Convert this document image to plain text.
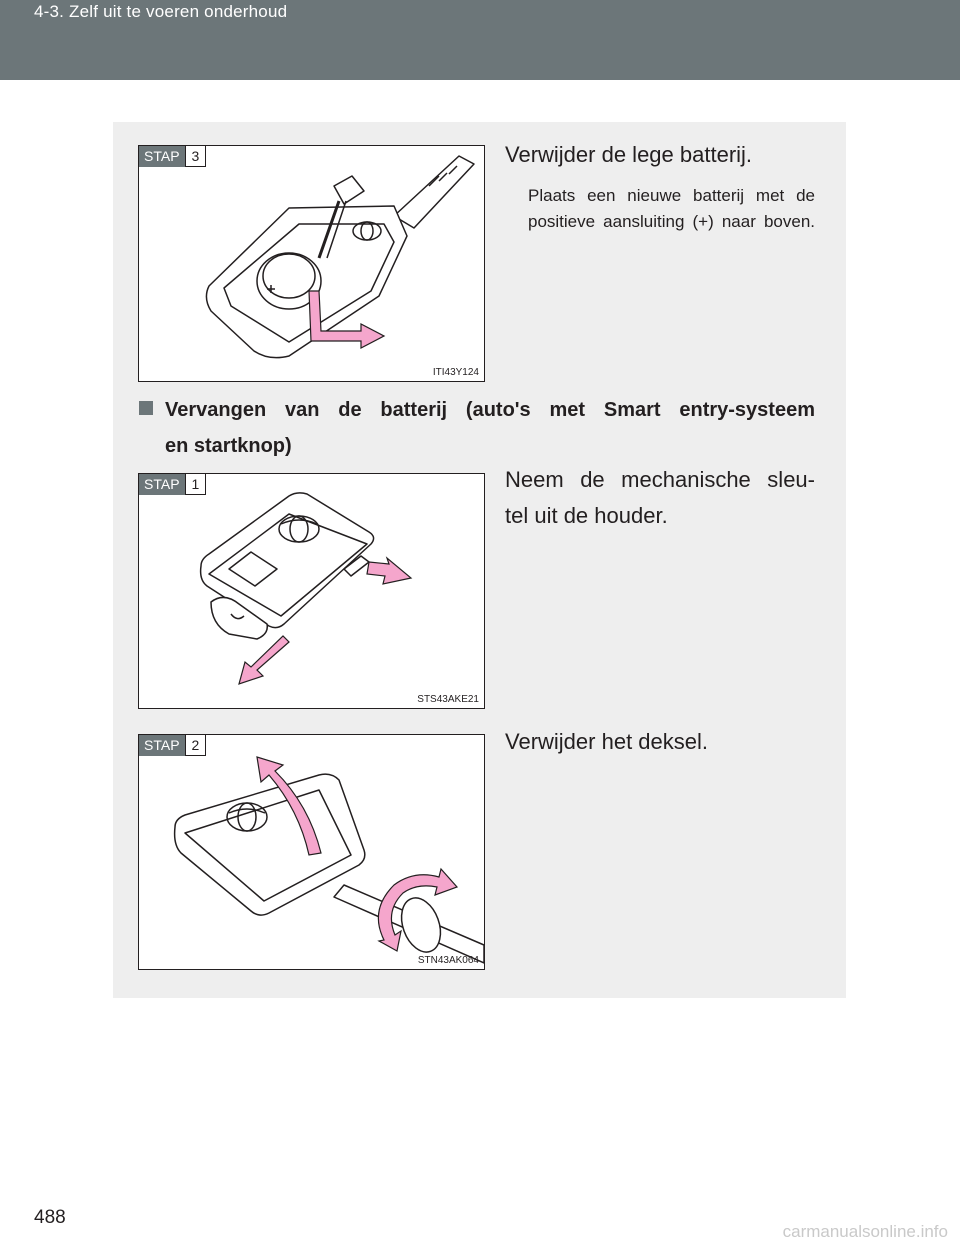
4-3. Zelf uit te voeren onderhoud
STAP 3
ITI43Y124
Verwijder de lege batterij.
Plaats een nieuwe batterij met de positieve aansluiting (+) naar boven.
Vervangen van de batterij (auto's met Smart entry-systeem
en startknop)
STAP 1
STS43AKE21
Neem de mechanische sleu-
tel uit de houder.
STAP 2
STN43AK064
Verwijder het deksel.
488
carmanualsonline.info
